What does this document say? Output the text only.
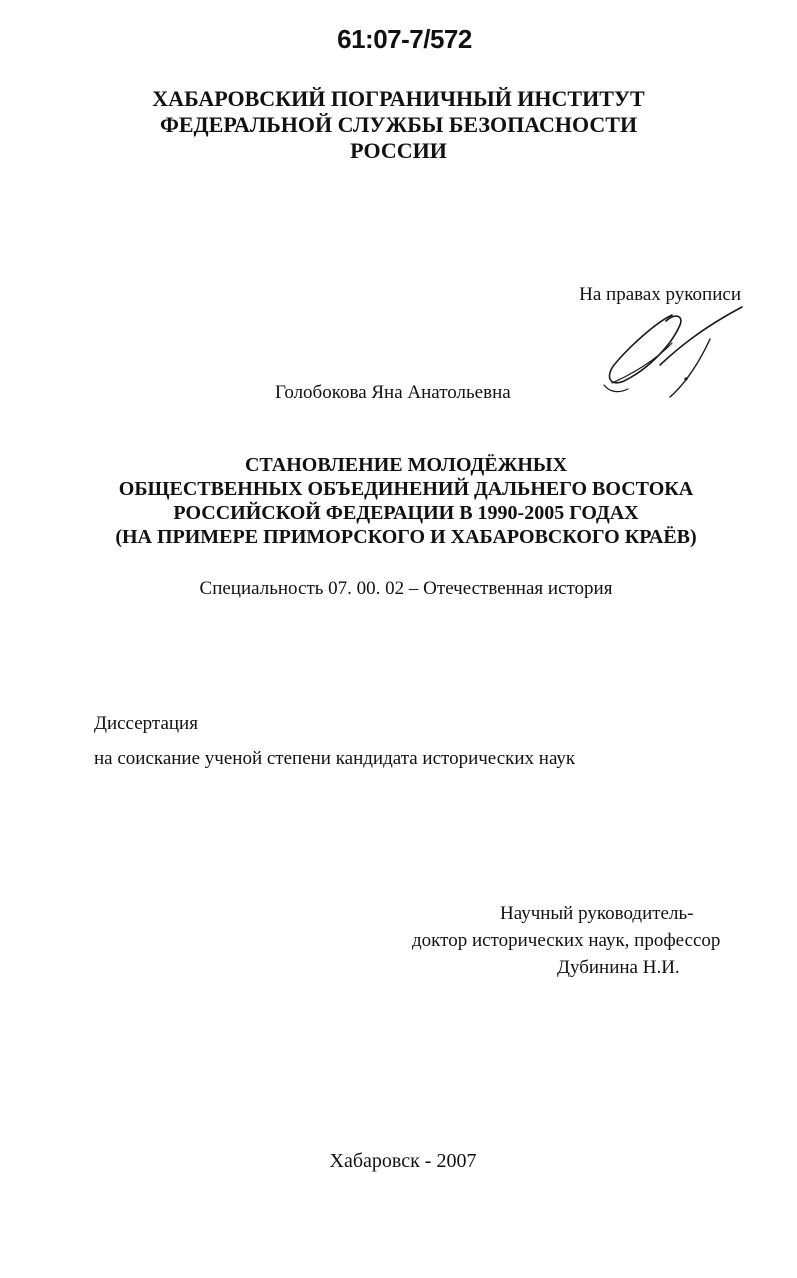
61:07-7/572
ХАБАРОВСКИЙ ПОГРАНИЧНЫЙ ИНСТИТУТ
ФЕДЕРАЛЬНОЙ СЛУЖБЫ БЕЗОПАСНОСТИ
РОССИИ
На правах рукописи
Голобокова Яна Анатольевна
СТАНОВЛЕНИЕ МОЛОДЁЖНЫХ
ОБЩЕСТВЕННЫХ ОБЪЕДИНЕНИЙ ДАЛЬНЕГО ВОСТОКА
РОССИЙСКОЙ ФЕДЕРАЦИИ В 1990-2005 ГОДАХ
(НА ПРИМЕРЕ ПРИМОРСКОГО И ХАБАРОВСКОГО КРАЁВ)
Специальность 07. 00. 02 – Отечественная история
Диссертация
на соискание ученой степени кандидата исторических наук
Научный руководитель-
доктор исторических наук, профессор
Дубинина Н.И.
Хабаровск - 2007
